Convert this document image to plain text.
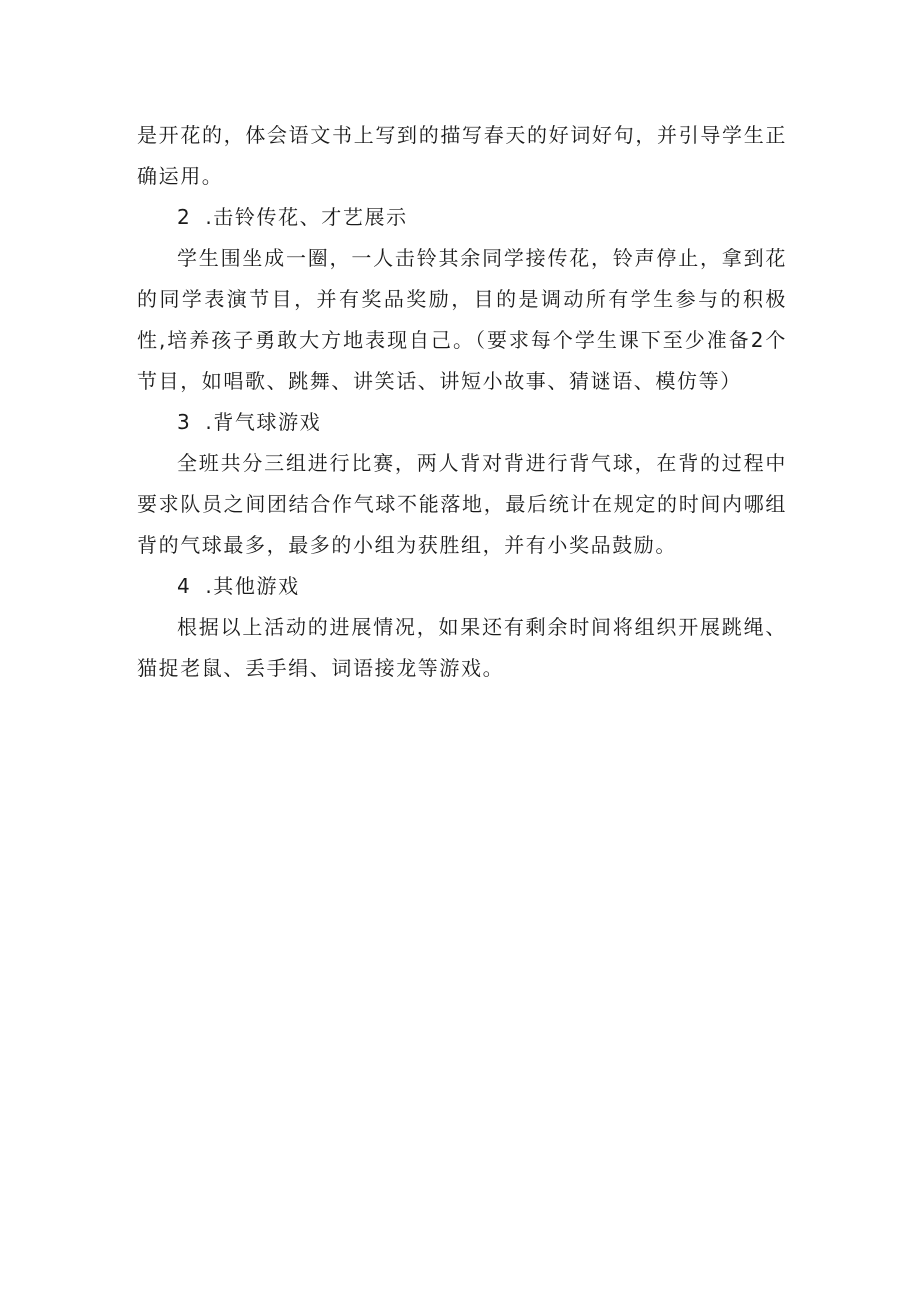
是开花的，体会语文书上写到的描写春天的好词好句，并引导学生正确运用。

2 .击铃传花、才艺展示

学生围坐成一圈，一人击铃其余同学接传花，铃声停止，拿到花的同学表演节目，并有奖品奖励，目的是调动所有学生参与的积极性,培养孩子勇敢大方地表现自己。（要求每个学生课下至少准备2个节目，如唱歌、跳舞、讲笑话、讲短小故事、猜谜语、模仿等）

3 .背气球游戏

全班共分三组进行比赛，两人背对背进行背气球，在背的过程中要求队员之间团结合作气球不能落地，最后统计在规定的时间内哪组背的气球最多，最多的小组为获胜组，并有小奖品鼓励。

4 .其他游戏

根据以上活动的进展情况，如果还有剩余时间将组织开展跳绳、猫捉老鼠、丢手绢、词语接龙等游戏。
